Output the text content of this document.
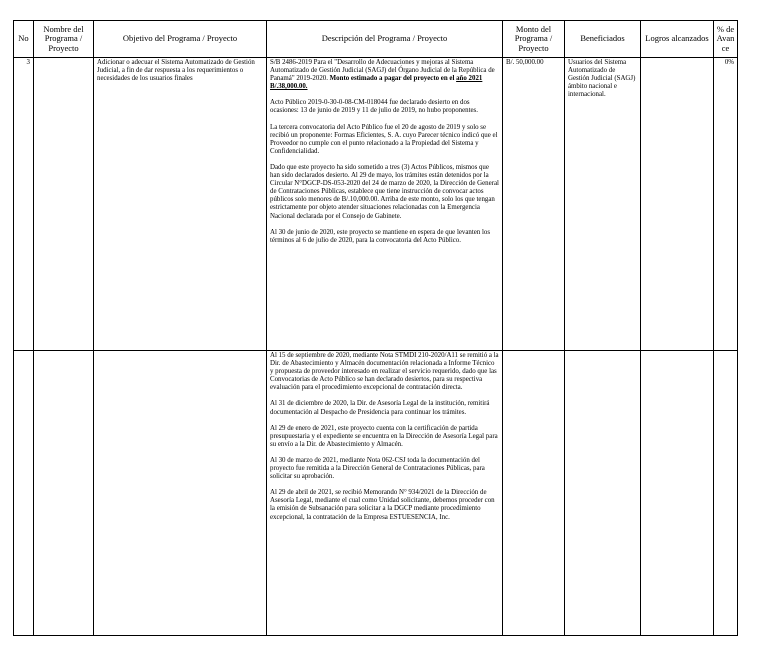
No	Nombre del Programa / Proyecto	Objetivo del Programa / Proyecto	Descripción del Programa / Proyecto	Monto del Programa / Proyecto	Beneficiados	Logros alcanzados	% de Avance
3		Adicionar o adecuar el Sistema Automatizado de Gestión Judicial, a fin de dar respuesta a los requerimientos o necesidades de los usuarios finales	S/B 2486-2019 Para el "Desarrollo de Adecuaciones y mejoras al Sistema Automatizado de Gestión Judicial (SAGJ) del Órgano Judicial de la República de Panamá" 2019-2020. Monto estimado a pagar del proyecto en el año 2021 B/.38,000.00.

Acto Público 2019-0-30-0-08-CM-018044 fue declarado desierto en dos ocasiones: 13 de junio de 2019 y 11 de julio de 2019, no hubo proponentes.

La tercera convocatoria del Acto Público fue el 20 de agosto de 2019 y solo se recibió un proponente: Formas Eficientes, S. A. cuyo Parecer técnico indicó que el Proveedor no cumple con el punto relacionado a la Propiedad del Sistema y Confidencialidad.

Dado que este proyecto ha sido sometido a tres (3) Actos Públicos, mismos que han sido declarados desierto. Al 29 de mayo, los trámites están detenidos por la Circular N°DGCP-DS-053-2020 del 24 de marzo de 2020, la Dirección de General de Contrataciones Públicas, establece que tiene instrucción de convocar actos públicos solo menores de B/.10,000.00. Arriba de este monto, solo los que tengan estrictamente por objeto atender situaciones relacionadas con la Emergencia Nacional declarada por el Consejo de Gabinete.

Al 30 de junio de 2020, este proyecto se mantiene en espera de que levanten los términos al 6 de julio de 2020, para la convocatoria del Acto Público.	B/. 50,000.00	Usuarios del Sistema Automatizado de Gestión Judicial (SAGJ) ámbito nacional e internacional.		0%

			Al 15 de septiembre de 2020, mediante Nota STMDI 210-2020/A11 se remitió a la Dir. de Abastecimiento y Almacén documentación relacionada a Informe Técnico y propuesta de proveedor interesado en realizar el servicio requerido, dado que las Convocatorias de Acto Público se han declarado desiertos, para su respectiva evaluación para el procedimiento excepcional de contratación directa.

Al 31 de diciembre de 2020, la Dir. de Asesoría Legal de la institución, remitirá documentación al Despacho de Presidencia para continuar los trámites.

Al 29 de enero de 2021, este proyecto cuenta con la certificación de partida presupuestaria y el expediente se encuentra en la Dirección de Asesoría Legal para su envío a la Dir. de Abastecimiento y Almacén.

Al 30 de marzo de 2021, mediante Nota 062-CSJ toda la documentación del proyecto fue remitida a la Dirección General de Contrataciones Públicas, para solicitar su aprobación.

Al 29 de abril de 2021, se recibió Memorando N° 934/2021 de la Dirección de Asesoría Legal, mediante el cual como Unidad solicitante, debemos proceder con la emisión de Subsanación para solicitar a la DGCP mediante procedimiento excepcional, la contratación de la Empresa ESTUESENCIA, Inc.				
